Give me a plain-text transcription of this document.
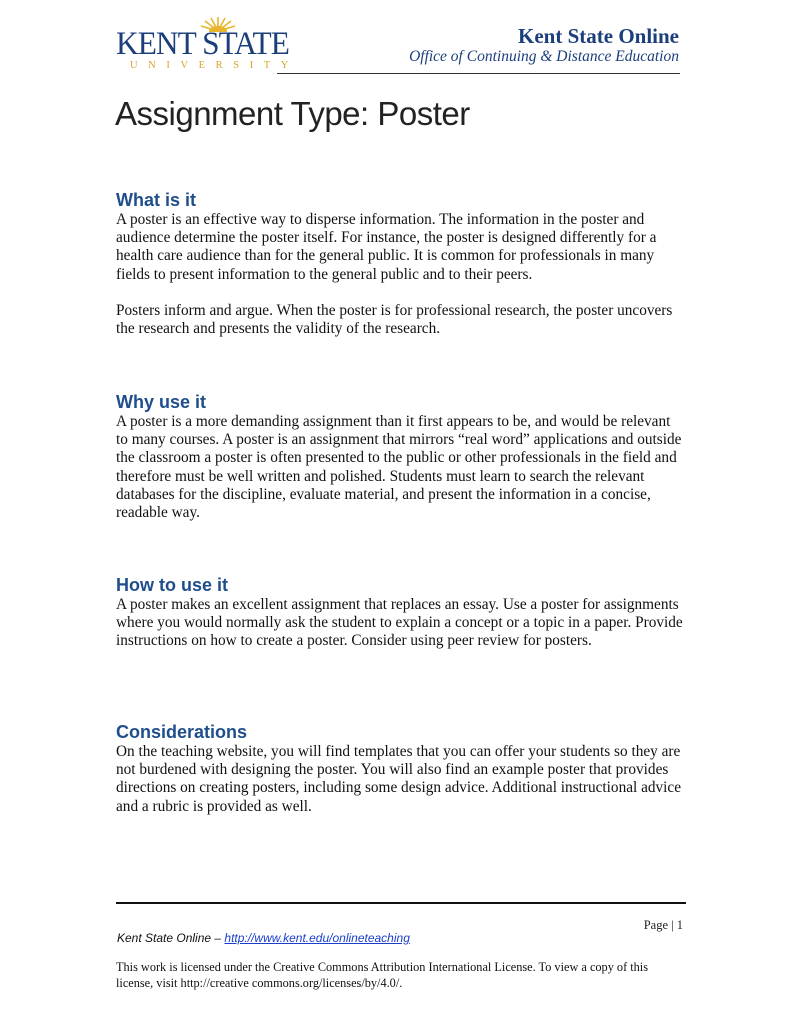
KENT STATE
UNIVERSITY
Kent State Online
Office of Continuing & Distance Education
Assignment Type: Poster
What is it

A poster is an effective way to disperse information. The information in the poster and audience determine the poster itself. For instance, the poster is designed differently for a health care audience than for the general public. It is common for professionals in many fields to present information to the general public and to their peers.

Posters inform and argue. When the poster is for professional research, the poster uncovers the research and presents the validity of the research.

Why use it

A poster is a more demanding assignment than it first appears to be, and would be relevant to many courses. A poster is an assignment that mirrors “real word” applications and outside the classroom a poster is often presented to the public or other professionals in the field and therefore must be well written and polished. Students must learn to search the relevant databases for the discipline, evaluate material, and present the information in a concise, readable way.

How to use it

A poster makes an excellent assignment that replaces an essay. Use a poster for assignments where you would normally ask the student to explain a concept or a topic in a paper. Provide instructions on how to create a poster. Consider using peer review for posters.

Considerations

On the teaching website, you will find templates that you can offer your students so they are not burdened with designing the poster. You will also find an example poster that provides directions on creating posters, including some design advice. Additional instructional advice and a rubric is provided as well.

Page | 1
Kent State Online – http://www.kent.edu/onlineteaching
This work is licensed under the Creative Commons Attribution International License. To view a copy of this license, visit http://creative commons.org/licenses/by/4.0/.
